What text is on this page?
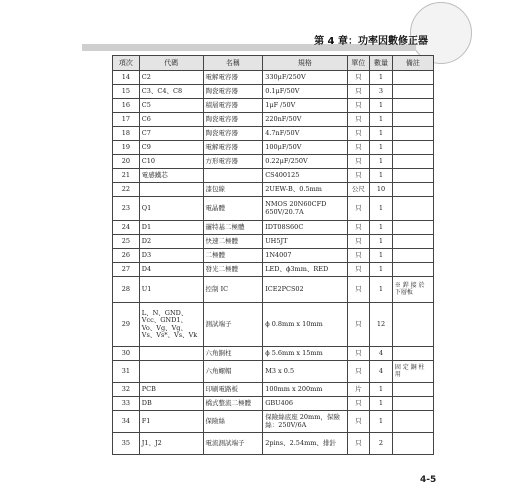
第 4 章：功率因數修正器
項次	代碼	名稱	規格	單位	數量	備註
14	C2	電解電容器	330μF/250V	只	1	
15	C3、C4、C8	陶瓷電容器	0.1μF/50V	只	3	
16	C5	積層電容器	1μF /50V	只	1	
17	C6	陶瓷電容器	220nF/50V	只	1	
18	C7	陶瓷電容器	4.7nF/50V	只	1	
19	C9	電解電容器	100μF/50V	只	1	
20	C10	方形電容器	0.22μF/250V	只	1	
21	電感鐵芯		CS400125	只	1	
22		漆包線	2UEW-B、0.5mm	公尺	10	
23	Q1	電晶體	NMOS 20N60CFD 650V/20.7A	只	1	
24	D1	邏特基二極體	IDT08S60C	只	1	
25	D2	快速二極體	UH5JT	只	1	
26	D3	二極體	1N4007	只	1	
27	D4	發光二極體	LED、ϕ3mm、RED	只	1	
28	U1	控制 IC	ICE2PCS02	只	1	※ 銲 接 於 下層板
29	L、N、GND、Vcc、GND1、Vo、Vg、Vg、Vs、Vs*、Vs、Vk	測試端子	ϕ 0.8mm x 10mm	只	12	
30		六角銅柱	ϕ 5.6mm x 15mm	只	4	
31		六角螺帽	M3 x 0.5	只	4	固 定 銅 柱 用
32	PCB	印刷電路板	100mm x 200mm	片	1	
33	DB	橋式整流二極體	GBU406	只	1	
34	F1	保險絲	保險絲底座 20mm，保險絲：250V/6A	只	1	
35	J1、J2	電流測試端子	2pins、2.54mm、排針	只	2	
4-5
